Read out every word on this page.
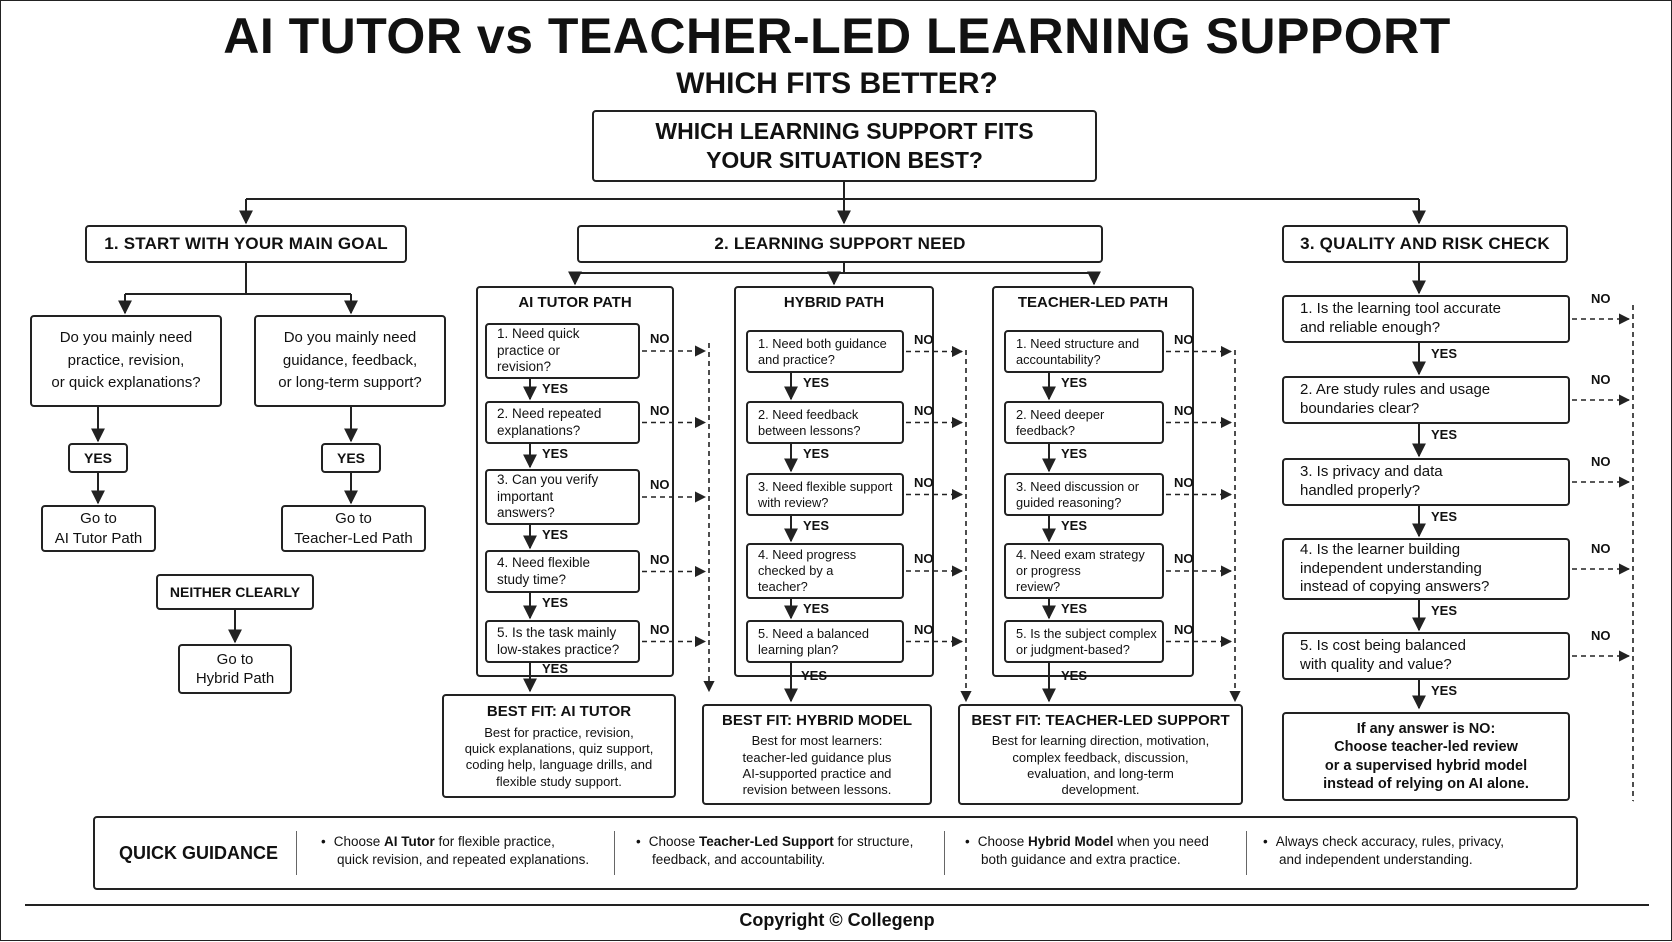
AI TUTOR vs TEACHER-LED LEARNING SUPPORT
WHICH FITS BETTER?
WHICH LEARNING SUPPORT FITS
YOUR SITUATION BEST?
1. START WITH YOUR MAIN GOAL	2. LEARNING SUPPORT NEED	3. QUALITY AND RISK CHECK
Do you mainly need
practice, revision,
or quick explanations?
Do you mainly need
guidance, feedback,
or long-term support?
YES	YES
Go to
AI Tutor Path
Go to
Teacher-Led Path
NEITHER CLEARLY
Go to
Hybrid Path
AI TUTOR PATH	HYBRID PATH	TEACHER-LED PATH
1. Need quick
practice or
revision?
2. Need repeated
explanations?
3. Can you verify
important
answers?
4. Need flexible
study time?
5. Is the task mainly
low-stakes practice?
1. Need both guidance
and practice?
2. Need feedback
between lessons?
3. Need flexible support
with review?
4. Need progress
checked by a
teacher?
5. Need a balanced
learning plan?
1. Need structure and
accountability?
2. Need deeper
feedback?
3. Need discussion or
guided reasoning?
4. Need exam strategy
or progress
review?
5. Is the subject complex
or judgment-based?
1. Is the learning tool accurate
and reliable enough?
2. Are study rules and usage
boundaries clear?
3. Is privacy and data
handled properly?
4. Is the learner building
independent understanding
instead of copying answers?
5. Is cost being balanced
with quality and value?
BEST FIT: AI TUTOR
Best for practice, revision,
quick explanations, quiz support,
coding help, language drills, and
flexible study support.
BEST FIT: HYBRID MODEL
Best for most learners:
teacher-led guidance plus
AI-supported practice and
revision between lessons.
BEST FIT: TEACHER-LED SUPPORT
Best for learning direction, motivation,
complex feedback, discussion,
evaluation, and long-term
development.
If any answer is NO:
Choose teacher-led review
or a supervised hybrid model
instead of relying on AI alone.
QUICK GUIDANCE
• Choose AI Tutor for flexible practice,
quick revision, and repeated explanations.
• Choose Teacher-Led Support for structure,
feedback, and accountability.
• Choose Hybrid Model when you need
both guidance and extra practice.
• Always check accuracy, rules, privacy,
and independent understanding.
Copyright © Collegenp
NO
YES
NO
YES
NO
YES
NO
YES
NO
NO
YES
NO
YES
NO
YES
NO
YES
NO
NO
YES
NO
YES
NO
YES
NO
YES
NO
YES	YES	YES
NO
YES
NO
YES
NO
YES
NO
YES
NO
YES
